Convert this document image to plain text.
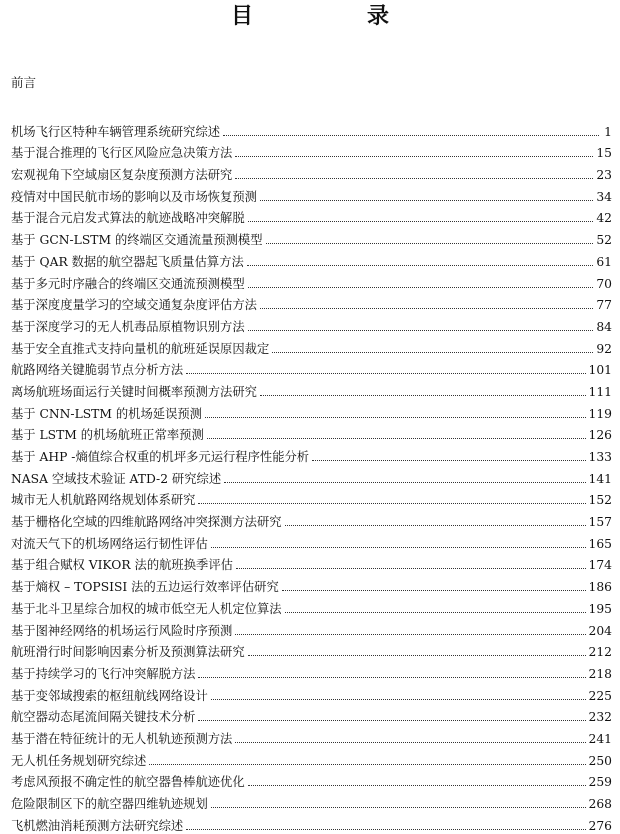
目　录
前言
机场飞行区特种车辆管理系统研究综述	1
基于混合推理的飞行区风险应急决策方法	15
宏观视角下空域扇区复杂度预测方法研究	23
疫情对中国民航市场的影响以及市场恢复预测	34
基于混合元启发式算法的航迹战略冲突解脱	42
基于 GCN-LSTM 的终端区交通流量预测模型	52
基于 QAR 数据的航空器起飞质量估算方法	61
基于多元时序融合的终端区交通流预测模型	70
基于深度度量学习的空域交通复杂度评估方法	77
基于深度学习的无人机毒品原植物识别方法	84
基于安全直推式支持向量机的航班延误原因裁定	92
航路网络关键脆弱节点分析方法	101
离场航班场面运行关键时间概率预测方法研究	111
基于 CNN-LSTM 的机场延误预测	119
基于 LSTM 的机场航班正常率预测	126
基于 AHP -熵值综合权重的机坪多元运行程序性能分析	133
NASA 空域技术验证 ATD-2 研究综述	141
城市无人机航路网络规划体系研究	152
基于栅格化空域的四维航路网络冲突探测方法研究	157
对流天气下的机场网络运行韧性评估	165
基于组合赋权 VIKOR 法的航班换季评估	174
基于熵权 – TOPSISI 法的五边运行效率评估研究	186
基于北斗卫星综合加权的城市低空无人机定位算法	195
基于图神经网络的机场运行风险时序预测	204
航班滑行时间影响因素分析及预测算法研究	212
基于持续学习的飞行冲突解脱方法	218
基于变邻域搜索的枢纽航线网络设计	225
航空器动态尾流间隔关键技术分析	232
基于潜在特征统计的无人机轨迹预测方法	241
无人机任务规划研究综述	250
考虑风预报不确定性的航空器鲁棒航迹优化	259
危险限制区下的航空器四维轨迹规划	268
飞机燃油消耗预测方法研究综述	276
